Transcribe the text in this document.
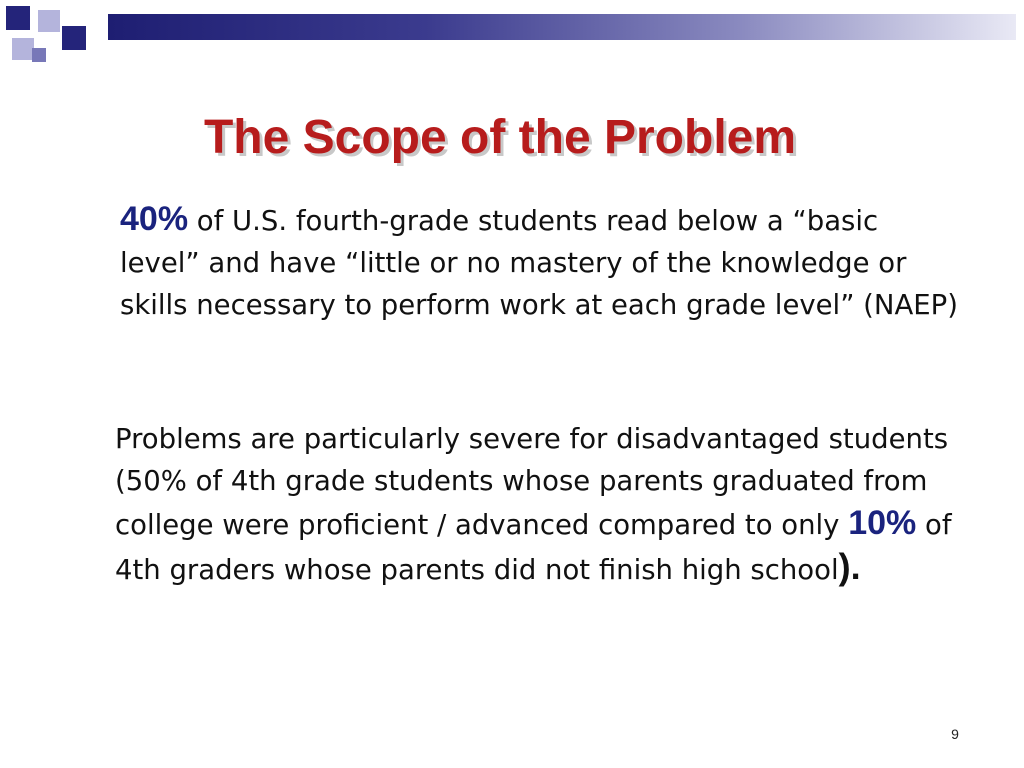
The Scope of the Problem

40% of U.S. fourth-grade students read below a “basic level” and have “little or no mastery of the knowledge or skills necessary to perform work at each grade level” (NAEP)

Problems are particularly severe for disadvantaged students (50% of 4th grade students whose parents graduated from college were proficient / advanced compared to only 10% of 4th graders whose parents did not finish high school).

9
